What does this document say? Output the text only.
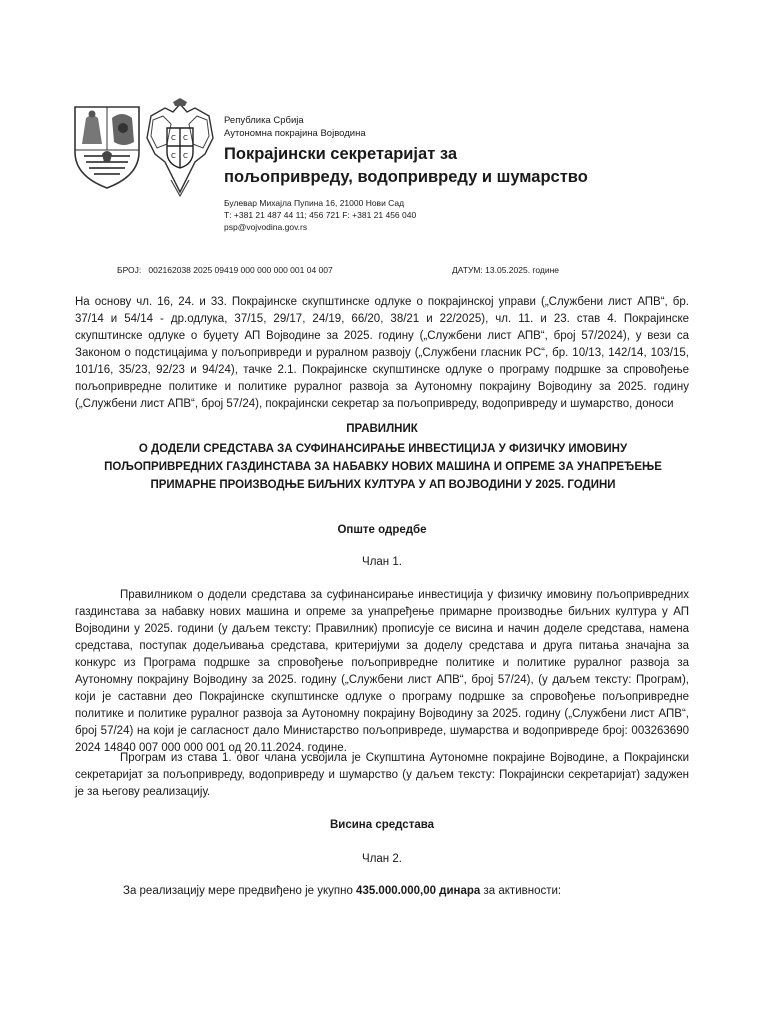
С С
С С
Република Србија
Аутономна покрајина Војводина
Покрајински секретаријат за
пољопривреду, водопривреду и шумарство
Булевар Михајла Пупина 16, 21000 Нови Сад
Т: +381 21 487 44 11; 456 721 F: +381 21 456 040
psp@vojvodina.gov.rs
БРОЈ:   002162038 2025 09419 000 000 000 001 04 007	ДАТУМ: 13.05.2025. године
На основу чл. 16, 24. и 33. Покрајинске скупштинске одлуке о покрајинској управи („Службени лист АПВ“, бр. 37/14 и 54/14 - др.одлука, 37/15, 29/17, 24/19, 66/20, 38/21 и 22/2025), чл. 11. и 23. став 4. Покрајинске скупштинске одлуке о буџету АП Војводине за 2025. годину („Службени лист АПВ“, број 57/2024), у вези са Законом о подстицајима у пољопривреди и руралном развоју („Службени гласник РС“, бр. 10/13, 142/14, 103/15, 101/16, 35/23, 92/23 и 94/24), тачке 2.1. Покрајинске скупштинске одлуке о програму подршке за спровођење пољопривредне политике и политике руралног развоја за Аутономну покрајину Војводину за 2025. годину („Службени лист АПВ“, број 57/24), покрајински секретар за пољопривреду, водопривреду и шумарство, доноси
ПРАВИЛНИК
О ДОДЕЛИ СРЕДСТАВА ЗА СУФИНАНСИРАЊЕ ИНВЕСТИЦИЈА У ФИЗИЧКУ ИМОВИНУ ПОЉОПРИВРЕДНИХ ГАЗДИНСТАВА ЗА НАБАВКУ НОВИХ МАШИНА И ОПРЕМЕ ЗА УНАПРЕЂЕЊЕ ПРИМАРНЕ ПРОИЗВОДЊЕ БИЉНИХ КУЛТУРА У АП ВОЈВОДИНИ У 2025. ГОДИНИ
Опште одредбе
Члан 1.
Правилником о додели средстава за суфинансирање инвестиција у физичку имовину пољопривредних газдинстава за набавку нових машина и опреме за унапређење примарне производње биљних култура у АП Војводини у 2025. години (у даљем тексту: Правилник) прописује се висина и начин доделе средстава, намена средстава, поступак додељивања средстава, критеријуми за доделу средстава и друга питања значајна за конкурс из Програма подршке за спровођење пољопривредне политике и политике руралног развоја за Аутономну покрајину Војводину за 2025. годину („Службени лист АПВ“, број 57/24), (у даљем тексту: Програм), који је саставни део Покрајинске скупштинске одлуке о програму подршке за спровођење пољопривредне политике и политике руралног развоја за Аутономну покрајину Војводину за 2025. годину („Службени лист АПВ“, број 57/24) на који је сагласност дало Министарство пољопривреде, шумарства и водопривреде број: 003263690 2024 14840 007 000 000 001 од 20.11.2024. године.
Програм из става 1. овог члана усвојила је Скупштина Аутономне покрајине Војводине, а Покрајински секретаријат за пољопривреду, водопривреду и шумарство (у даљем тексту: Покрајински секретаријат) задужен је за његову реализацију.
Висина средстава
Члан 2.
За реализацију мере предвиђено је укупно 435.000.000,00 динара за активности:
